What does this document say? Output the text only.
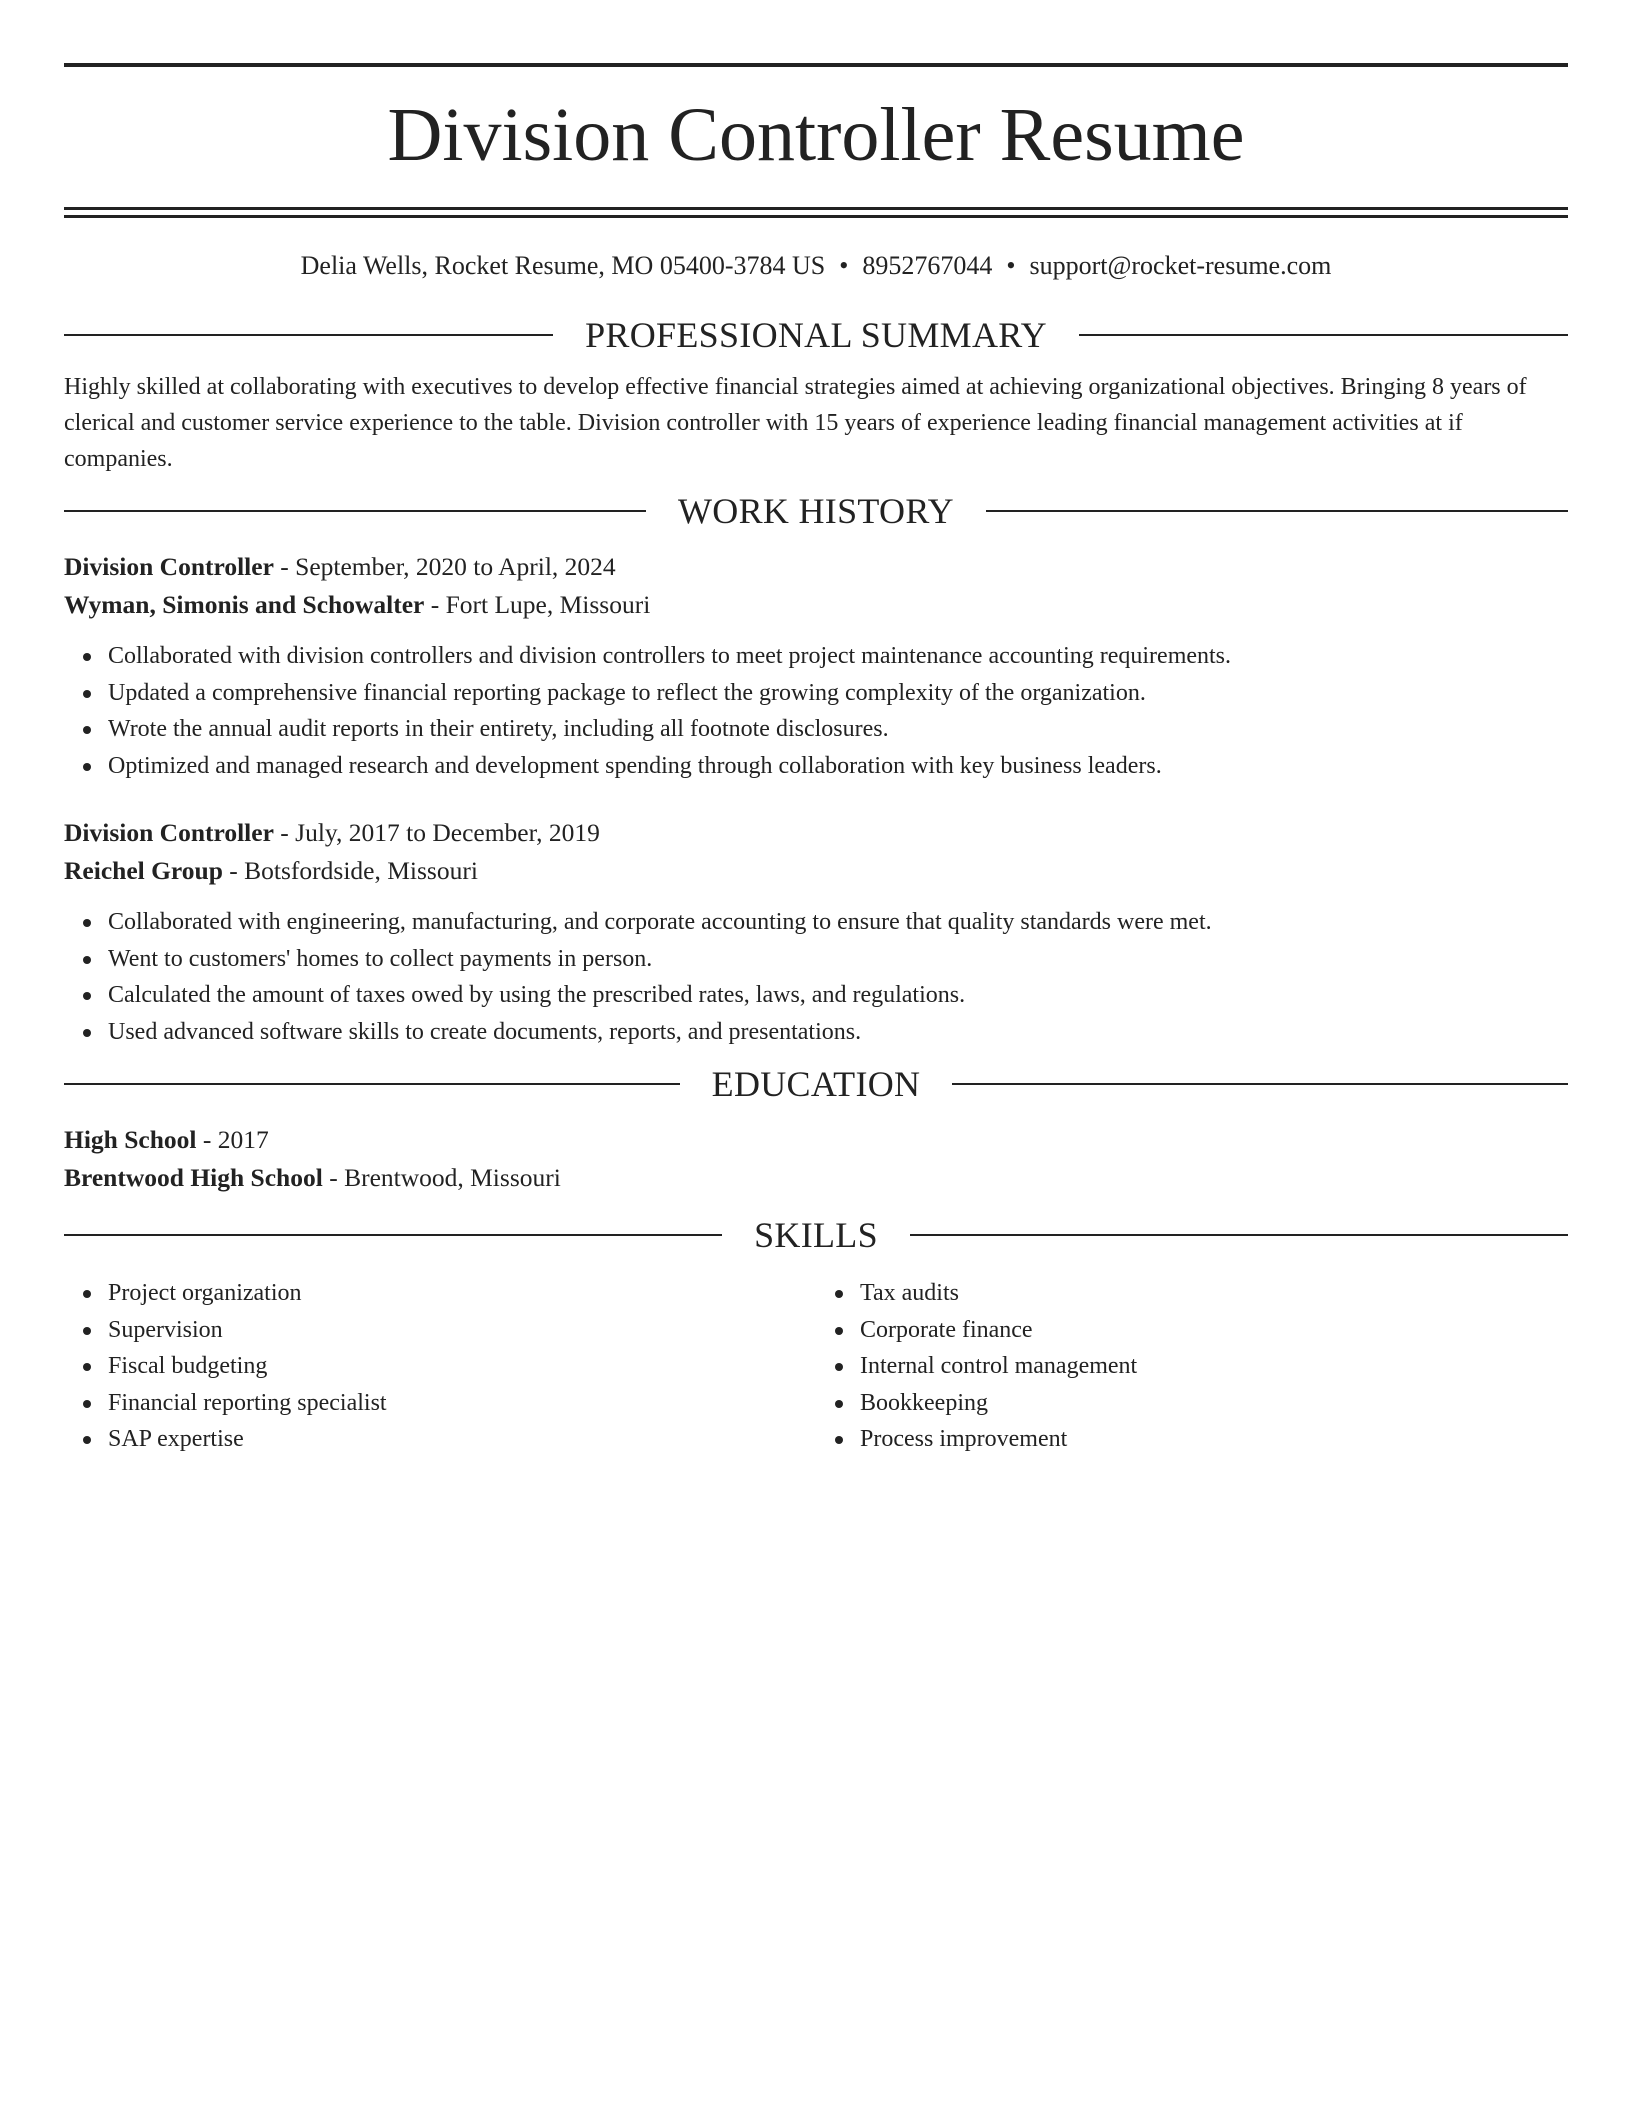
Division Controller Resume
Delia Wells, Rocket Resume, MO 05400-3784 US • 8952767044 • support@rocket-resume.com
PROFESSIONAL SUMMARY

Highly skilled at collaborating with executives to develop effective financial strategies aimed at achieving organizational objectives. Bringing 8 years of clerical and customer service experience to the table. Division controller with 15 years of experience leading financial management activities at if companies.

WORK HISTORY

Division Controller - September, 2020 to April, 2024

Wyman, Simonis and Schowalter - Fort Lupe, Missouri

Collaborated with division controllers and division controllers to meet project maintenance accounting requirements.
Updated a comprehensive financial reporting package to reflect the growing complexity of the organization.
Wrote the annual audit reports in their entirety, including all footnote disclosures.
Optimized and managed research and development spending through collaboration with key business leaders.

Division Controller - July, 2017 to December, 2019

Reichel Group - Botsfordside, Missouri

Collaborated with engineering, manufacturing, and corporate accounting to ensure that quality standards were met.
Went to customers' homes to collect payments in person.
Calculated the amount of taxes owed by using the prescribed rates, laws, and regulations.
Used advanced software skills to create documents, reports, and presentations.
EDUCATION

High School - 2017

Brentwood High School - Brentwood, Missouri

SKILLS
Project organization
Supervision
Fiscal budgeting
Financial reporting specialist
SAP expertise
Tax audits
Corporate finance
Internal control management
Bookkeeping
Process improvement
